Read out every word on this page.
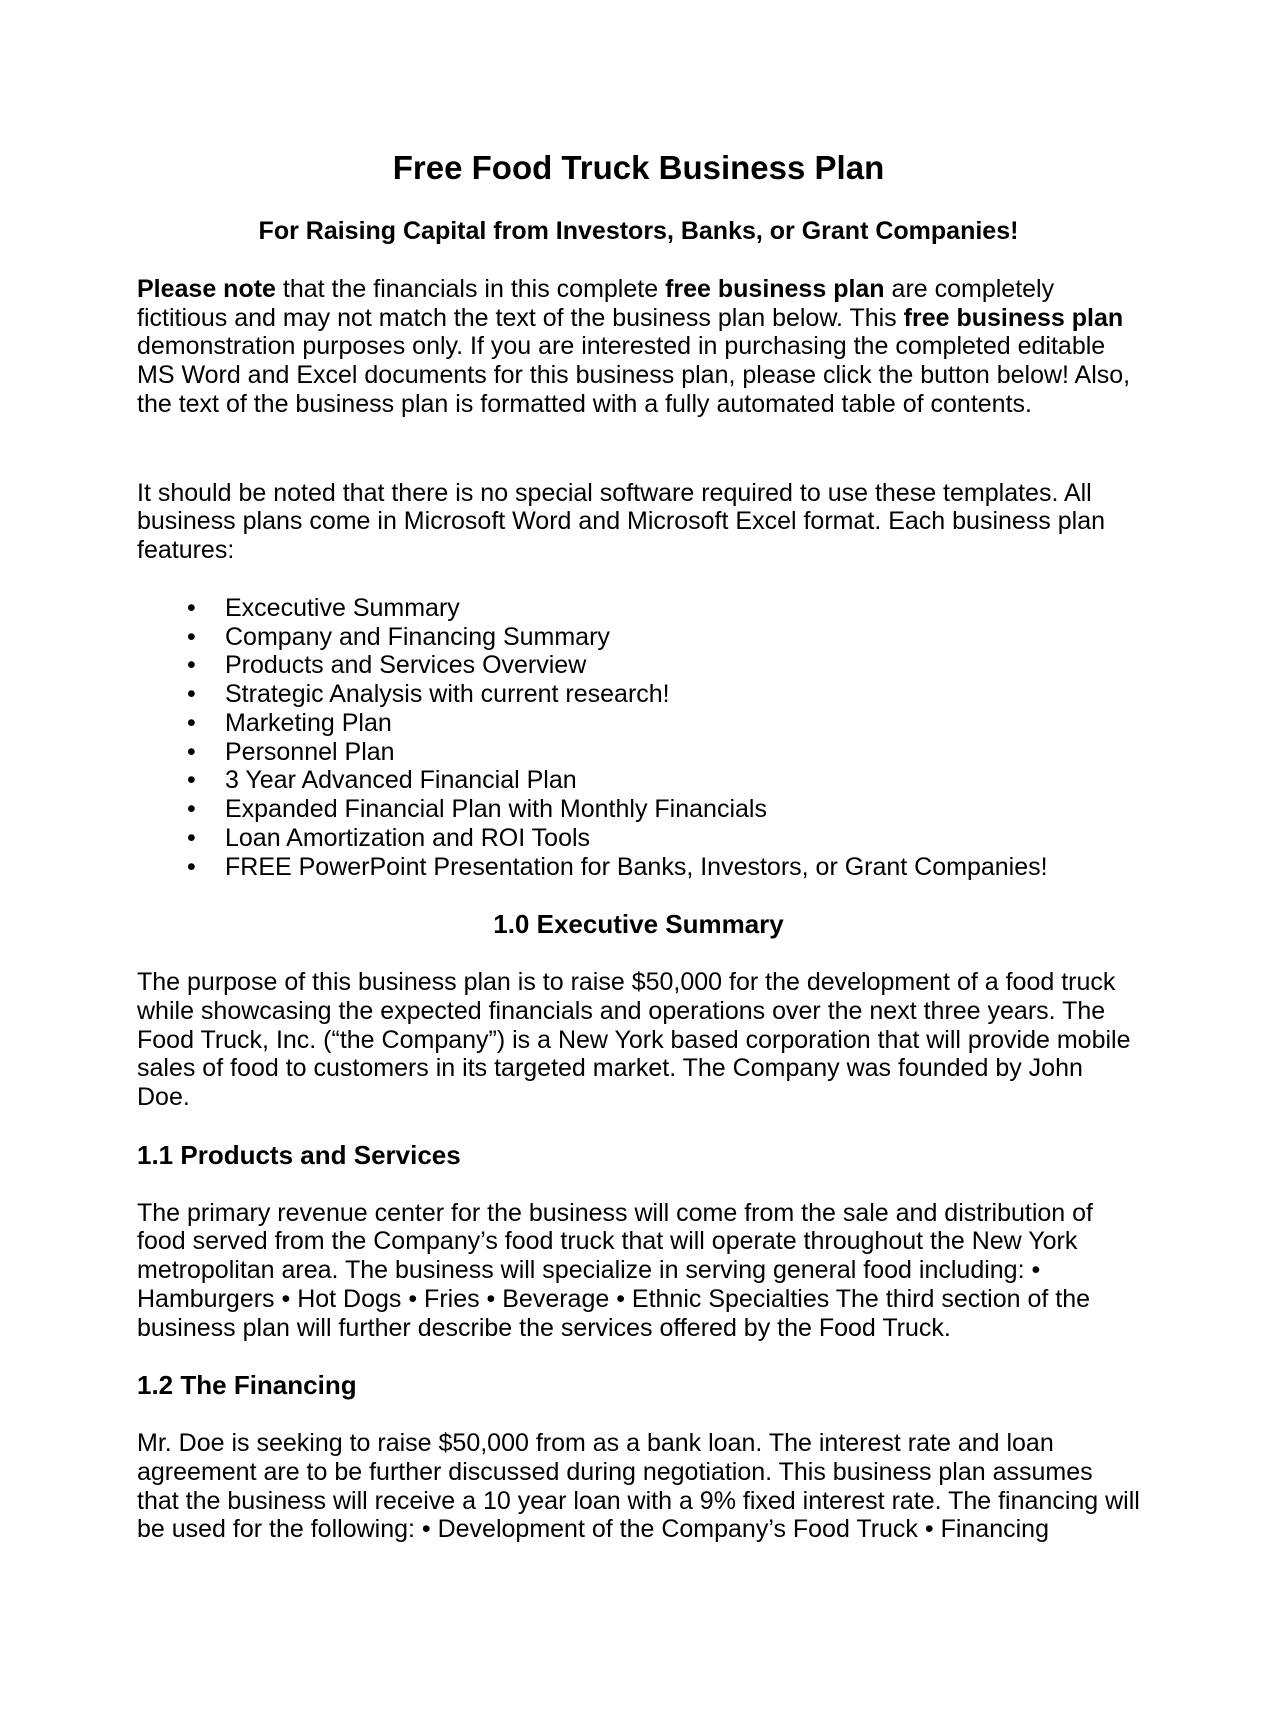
Free Food Truck Business Plan
For Raising Capital from Investors, Banks, or Grant Companies!

Please note that the financials in this complete free business plan are completely fictitious and may not match the text of the business plan below. This free business plan demonstration purposes only. If you are interested in purchasing the completed editable MS Word and Excel documents for this business plan, please click the button below! Also, the text of the business plan is formatted with a fully automated table of contents.

It should be noted that there is no special software required to use these templates. All business plans come in Microsoft Word and Microsoft Excel format. Each business plan features:

• Excecutive Summary
• Company and Financing Summary
• Products and Services Overview
• Strategic Analysis with current research!
• Marketing Plan
• Personnel Plan
• 3 Year Advanced Financial Plan
• Expanded Financial Plan with Monthly Financials
• Loan Amortization and ROI Tools
• FREE PowerPoint Presentation for Banks, Investors, or Grant Companies!
1.0 Executive Summary

The purpose of this business plan is to raise $50,000 for the development of a food truck while showcasing the expected financials and operations over the next three years. The Food Truck, Inc. (“the Company”) is a New York based corporation that will provide mobile sales of food to customers in its targeted market. The Company was founded by John Doe.

1.1 Products and Services

The primary revenue center for the business will come from the sale and distribution of food served from the Company’s food truck that will operate throughout the New York metropolitan area. The business will specialize in serving general food including: • Hamburgers • Hot Dogs • Fries • Beverage • Ethnic Specialties The third section of the business plan will further describe the services offered by the Food Truck.

1.2 The Financing

Mr. Doe is seeking to raise $50,000 from as a bank loan. The interest rate and loan agreement are to be further discussed during negotiation. This business plan assumes that the business will receive a 10 year loan with a 9% fixed interest rate. The financing will be used for the following: • Development of the Company’s Food Truck • Financing
